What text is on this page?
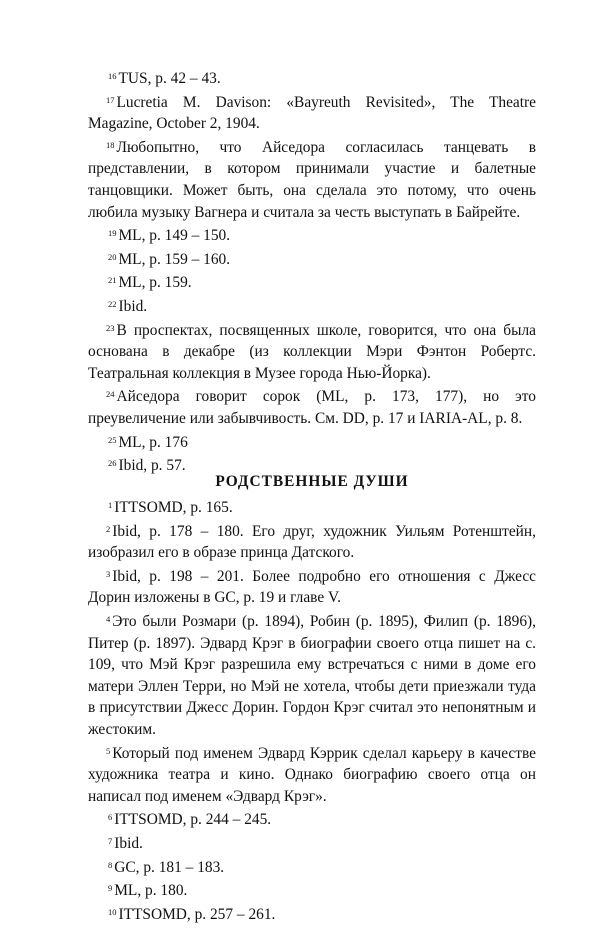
$^{16}$ TUS, p. 42 – 43.

$^{17}$ Lucretia M. Davison: «Bayreuth Revisited», The Theatre Magazine, October 2, 1904.

$^{18}$ Любопытно, что Айседора согласилась танцевать в представлении, в котором принимали участие и балетные танцовщики. Может быть, она сделала это потому, что очень любила музыку Вагнера и считала за честь выступать в Байрейте.

$^{19}$ ML, p. 149 – 150.

$^{20}$ ML, p. 159 – 160.

$^{21}$ ML, p. 159.

$^{22}$ Ibid.

$^{23}$ В проспектах, посвященных школе, говорится, что она была основана в декабре (из коллекции Мэри Фэнтон Робертс. Театральная коллекция в Музее города Нью-Йорка).

$^{24}$ Айседора говорит сорок (ML, p. 173, 177), но это преувеличение или забывчивость. См. DD, p. 17 и IARIA-AL, p. 8.

$^{25}$ ML, p. 176

$^{26}$ Ibid, p. 57.

РОДСТВЕННЫЕ ДУШИ

$^1$ ITTSOMD, p. 165.

$^2$ Ibid, p. 178 – 180. Его друг, художник Уильям Ротенштейн, изобразил его в образе принца Датского.

$^3$ Ibid, p. 198 – 201. Более подробно его отношения с Джесс Дорин изложены в GC, p. 19 и главе V.

$^4$ Это были Розмари (р. 1894), Робин (р. 1895), Филип (р. 1896), Питер (р. 1897). Эдвард Крэг в биографии своего отца пишет на с. 109, что Мэй Крэг разрешила ему встречаться с ними в доме его матери Эллен Терри, но Мэй не хотела, чтобы дети приезжали туда в присутствии Джесс Дорин. Гордон Крэг считал это непонятным и жестоким.

$^5$ Который под именем Эдвард Кэррик сделал карьеру в качестве художника театра и кино. Однако биографию своего отца он написал под именем «Эдвард Крэг».

$^6$ ITTSOMD, p. 244 – 245.

$^7$ Ibid.

$^8$ GC, p. 181 – 183.

$^9$ ML, p. 180.

$^{10}$ ITTSOMD, p. 257 – 261.
